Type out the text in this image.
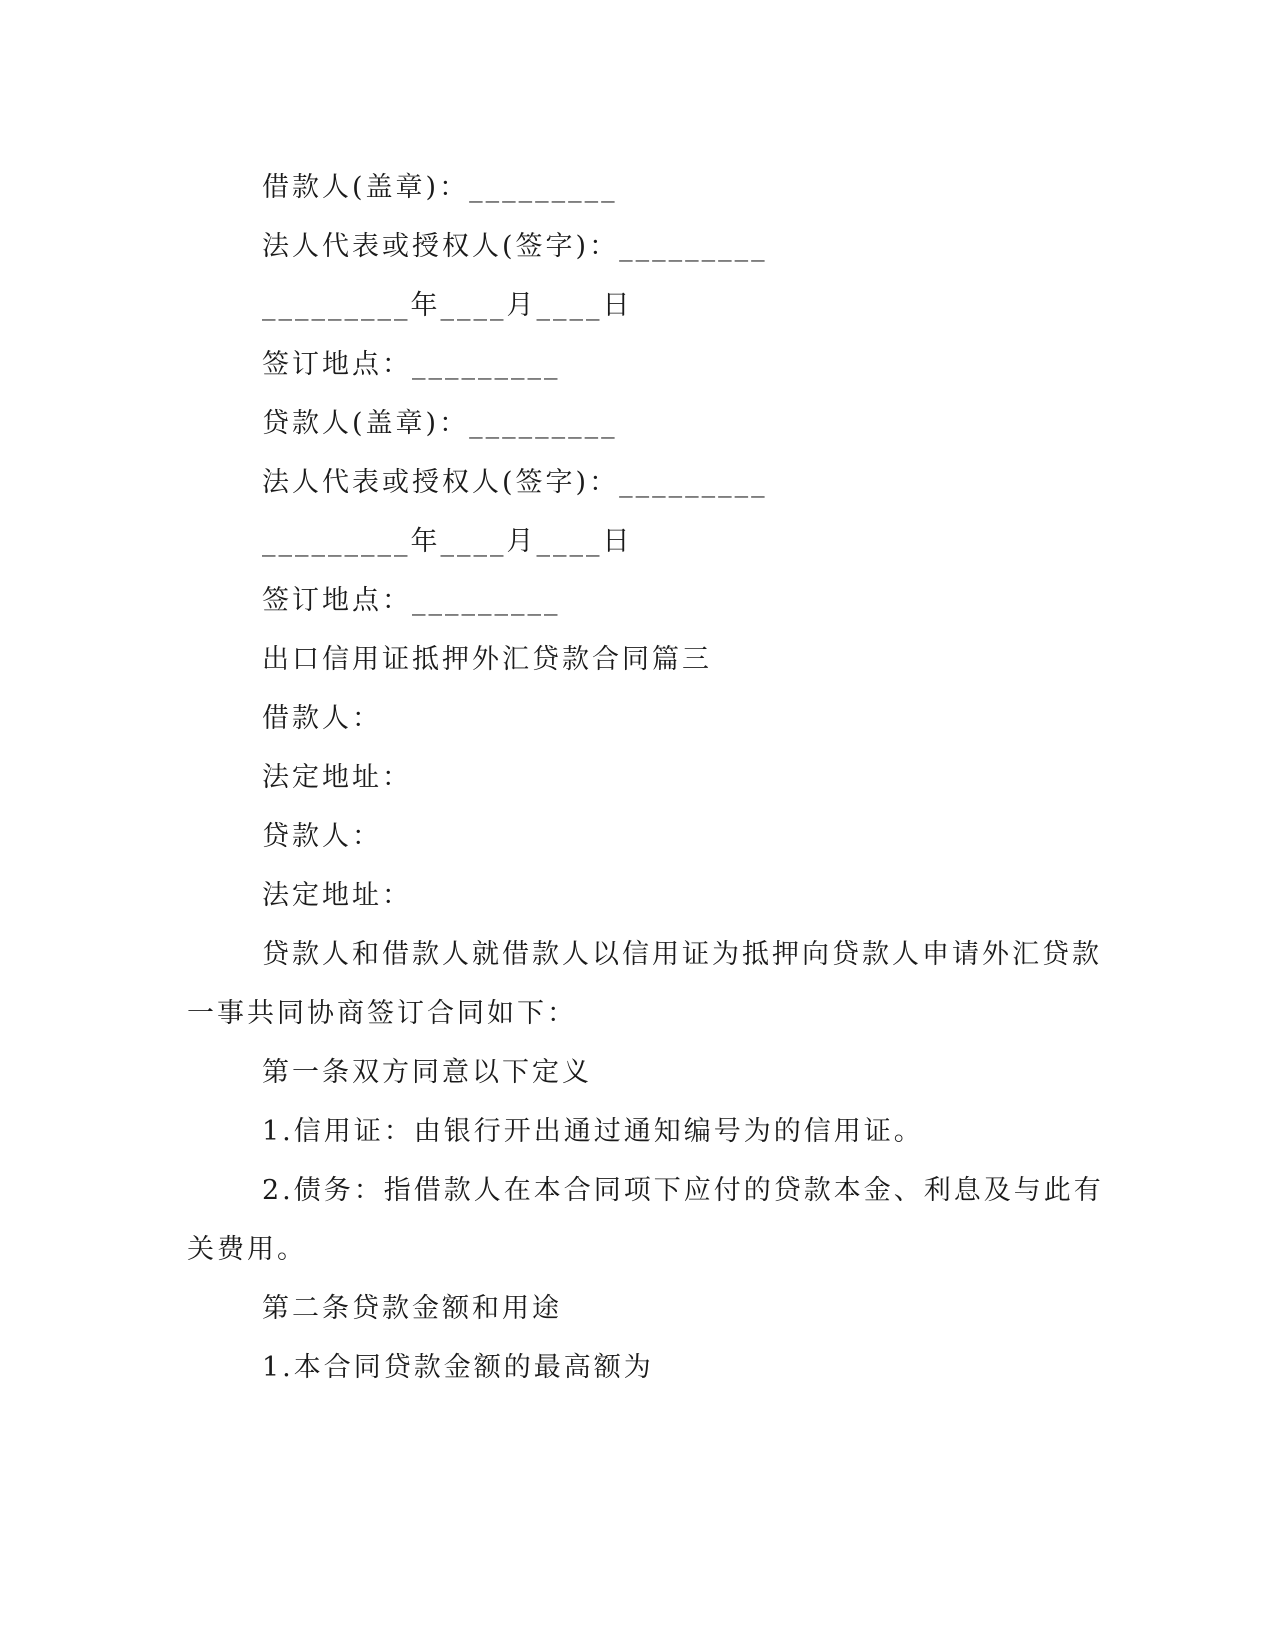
借款人(盖章)：_________
法人代表或授权人(签字)：_________
_________年____月____日
签订地点：_________
贷款人(盖章)：_________
法人代表或授权人(签字)：_________
_________年____月____日
签订地点：_________
出口信用证抵押外汇贷款合同篇三
借款人：
法定地址：
贷款人：
法定地址：
贷款人和借款人就借款人以信用证为抵押向贷款人申请外汇贷款
一事共同协商签订合同如下：
第一条双方同意以下定义
1.信用证：由银行开出通过通知编号为的信用证。
2.债务：指借款人在本合同项下应付的贷款本金、利息及与此有
关费用。
第二条贷款金额和用途
1.本合同贷款金额的最高额为
